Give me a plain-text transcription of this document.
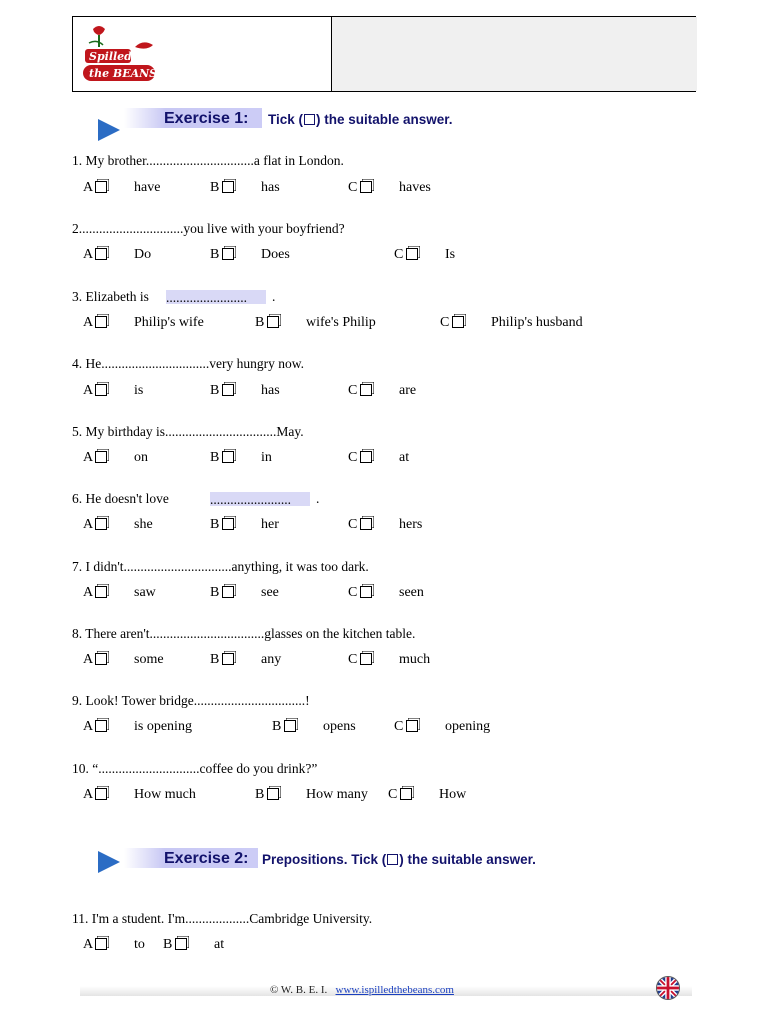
Spilled
the BEANS
Exercise 1: Tick ( ) the suitable answer.
1. My brother................................a flat in London.
A	have	B	has	C	haves
2...............................you live with your boyfriend?
A	Do	B	Does	C	Is
........................	.
3. Elizabeth is
A	Philip's wife	B	wife's Philip	C	Philip's husband
4. He................................very hungry now.
A	is	B	has	C	are
5. My birthday is.................................May.
A	on	B	in	C	at
........................	.
6. He doesn't love
A	she	B	her	C	hers
7. I didn't................................anything, it was too dark.
A	saw	B	see	C	seen
8. There aren't..................................glasses on the kitchen table.
A	some	B	any	C	much
9. Look! Tower bridge.................................!
A	is opening	B	opens	C	opening
10. “..............................coffee do you drink?”
A	How much	B	How many C	How
11. I'm a student. I'm...................Cambridge University.
A	to B	at
Exercise 2: Prepositions. Tick ( ) the suitable answer.
© W. B. E. I. www.ispilledthebeans.com
